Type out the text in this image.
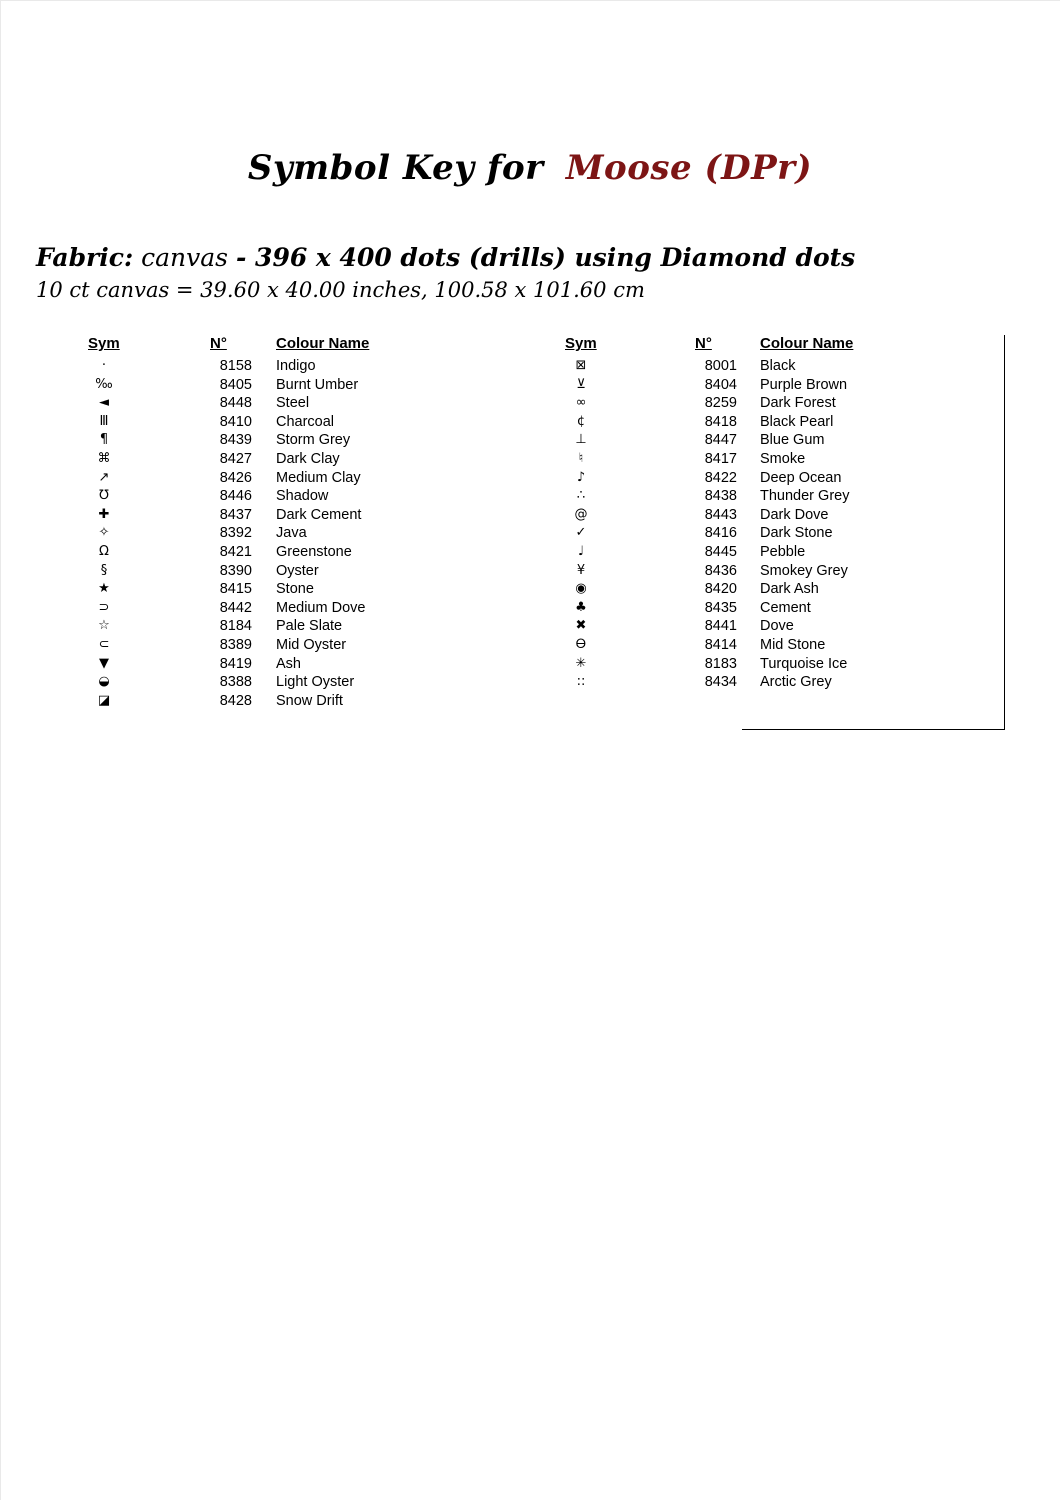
Symbol Key for Moose (DPr)
Fabric: canvas - 396 x 400 dots (drills) using Diamond dots
10 ct canvas = 39.60 x 40.00 inches, 100.58 x 101.60 cm
Sym	N°	Colour Name
·	8158 Indigo
‰	8405 Burnt Umber
◄	8448 Steel
Ⅲ	8410 Charcoal
¶	8439 Storm Grey
⌘	8427 Dark Clay
↗	8426 Medium Clay
℧	8446 Shadow
✚	8437 Dark Cement
✧	8392 Java
Ω	8421 Greenstone
§	8390 Oyster
★	8415 Stone
⊃	8442 Medium Dove
☆	8184 Pale Slate
⊂	8389 Mid Oyster
▼	8419 Ash
◒	8388 Light Oyster
◪	8428 Snow Drift
Sym	N°	Colour Name
⊠	8001 Black
⊻	8404 Purple Brown
∞	8259 Dark Forest
¢	8418 Black Pearl
⊥	8447 Blue Gum
♮	8417 Smoke
♪	8422 Deep Ocean
∴	8438 Thunder Grey
@	8443 Dark Dove
✓	8416 Dark Stone
♩	8445 Pebble
¥	8436 Smokey Grey
◉	8420 Dark Ash
♣	8435 Cement
✖	8441 Dove
Ꮎ	8414 Mid Stone
✳	8183 Turquoise Ice
::	8434 Arctic Grey
